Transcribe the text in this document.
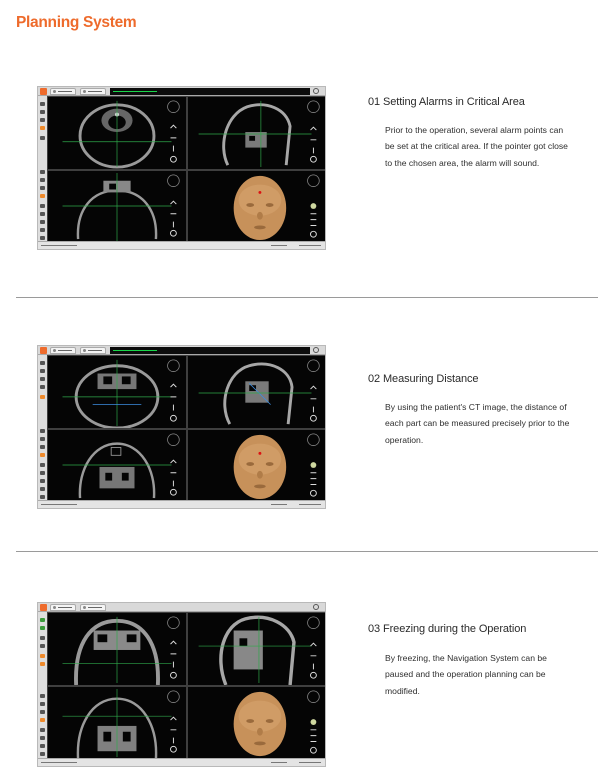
Planning System
01 Setting Alarms in Critical Area
Prior to the operation, several alarm points can be set at the critical area. If the pointer got close to the chosen area, the alarm will sound.
02 Measuring Distance
By using the patient's CT image, the distance of each part can be measured precisely prior to the operation.
03 Freezing during the Operation
By freezing, the Navigation System can be paused and the operation planning can be modified.
